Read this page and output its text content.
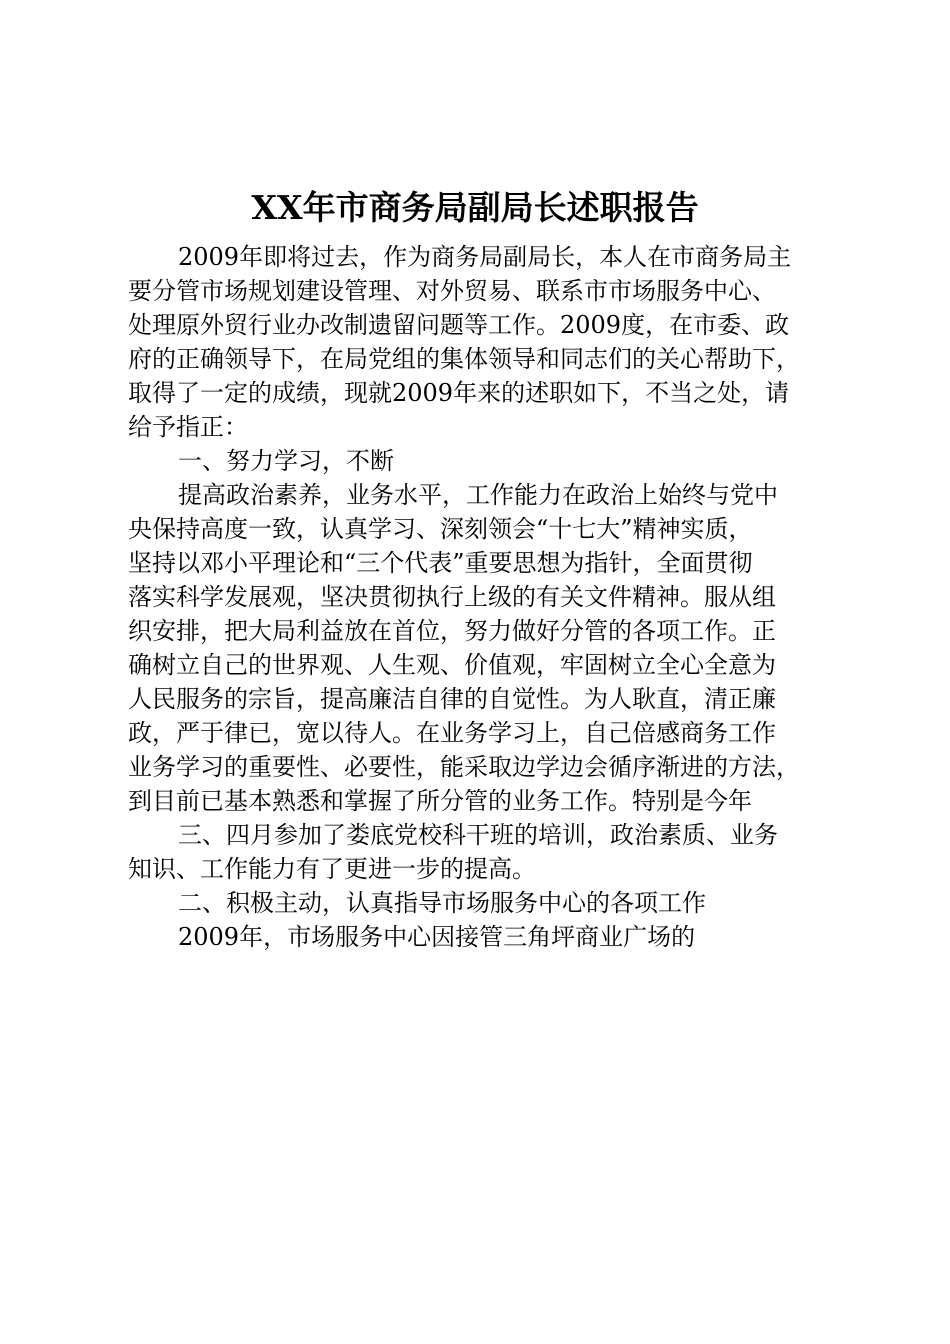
XX年市商务局副局长述职报告
2009年即将过去，作为商务局副局长，本人在市商务局主
要分管市场规划建设管理、对外贸易、联系市市场服务中心、
处理原外贸行业办改制遗留问题等工作。2009度，在市委、政
府的正确领导下，在局党组的集体领导和同志们的关心帮助下，
取得了一定的成绩，现就2009年来的述职如下，不当之处，请
给予指正：
一、努力学习，不断
提高政治素养，业务水平，工作能力在政治上始终与党中
央保持高度一致，认真学习、深刻领会“十七大”精神实质，
坚持以邓小平理论和“三个代表”重要思想为指针，全面贯彻
落实科学发展观，坚决贯彻执行上级的有关文件精神。服从组
织安排，把大局利益放在首位，努力做好分管的各项工作。正
确树立自己的世界观、人生观、价值观，牢固树立全心全意为
人民服务的宗旨，提高廉洁自律的自觉性。为人耿直，清正廉
政，严于律已，宽以待人。在业务学习上，自己倍感商务工作
业务学习的重要性、必要性，能采取边学边会循序渐进的方法，
到目前已基本熟悉和掌握了所分管的业务工作。特别是今年
三、四月参加了娄底党校科干班的培训，政治素质、业务
知识、工作能力有了更进一步的提高。
二、积极主动，认真指导市场服务中心的各项工作
2009年，市场服务中心因接管三角坪商业广场的
